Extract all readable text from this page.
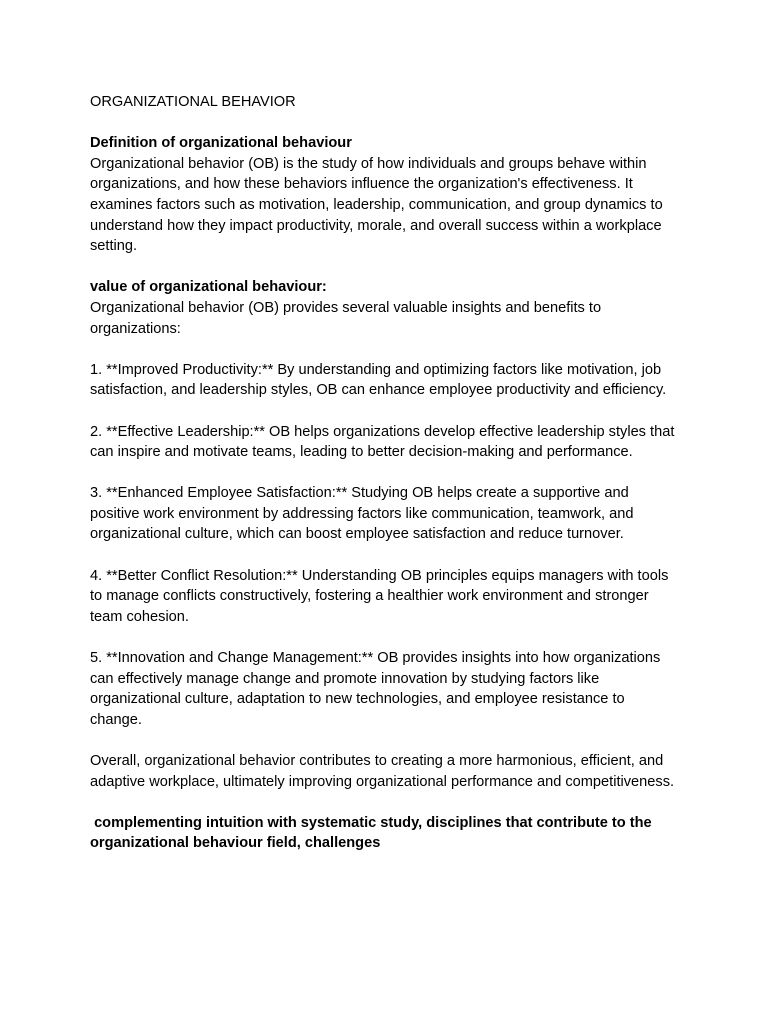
ORGANIZATIONAL BEHAVIOR

Definition of organizational behaviour

Organizational behavior (OB) is the study of how individuals and groups behave within organizations, and how these behaviors influence the organization's effectiveness. It examines factors such as motivation, leadership, communication, and group dynamics to understand how they impact productivity, morale, and overall success within a workplace setting.

value of organizational behaviour:

Organizational behavior (OB) provides several valuable insights and benefits to organizations:

1. **Improved Productivity:** By understanding and optimizing factors like motivation, job satisfaction, and leadership styles, OB can enhance employee productivity and efficiency.

2. **Effective Leadership:** OB helps organizations develop effective leadership styles that can inspire and motivate teams, leading to better decision-making and performance.

3. **Enhanced Employee Satisfaction:** Studying OB helps create a supportive and positive work environment by addressing factors like communication, teamwork, and organizational culture, which can boost employee satisfaction and reduce turnover.

4. **Better Conflict Resolution:** Understanding OB principles equips managers with tools to manage conflicts constructively, fostering a healthier work environment and stronger team cohesion.

5. **Innovation and Change Management:** OB provides insights into how organizations can effectively manage change and promote innovation by studying factors like organizational culture, adaptation to new technologies, and employee resistance to change.

Overall, organizational behavior contributes to creating a more harmonious, efficient, and adaptive workplace, ultimately improving organizational performance and competitiveness.

complementing intuition with systematic study, disciplines that contribute to the organizational behaviour field, challenges
